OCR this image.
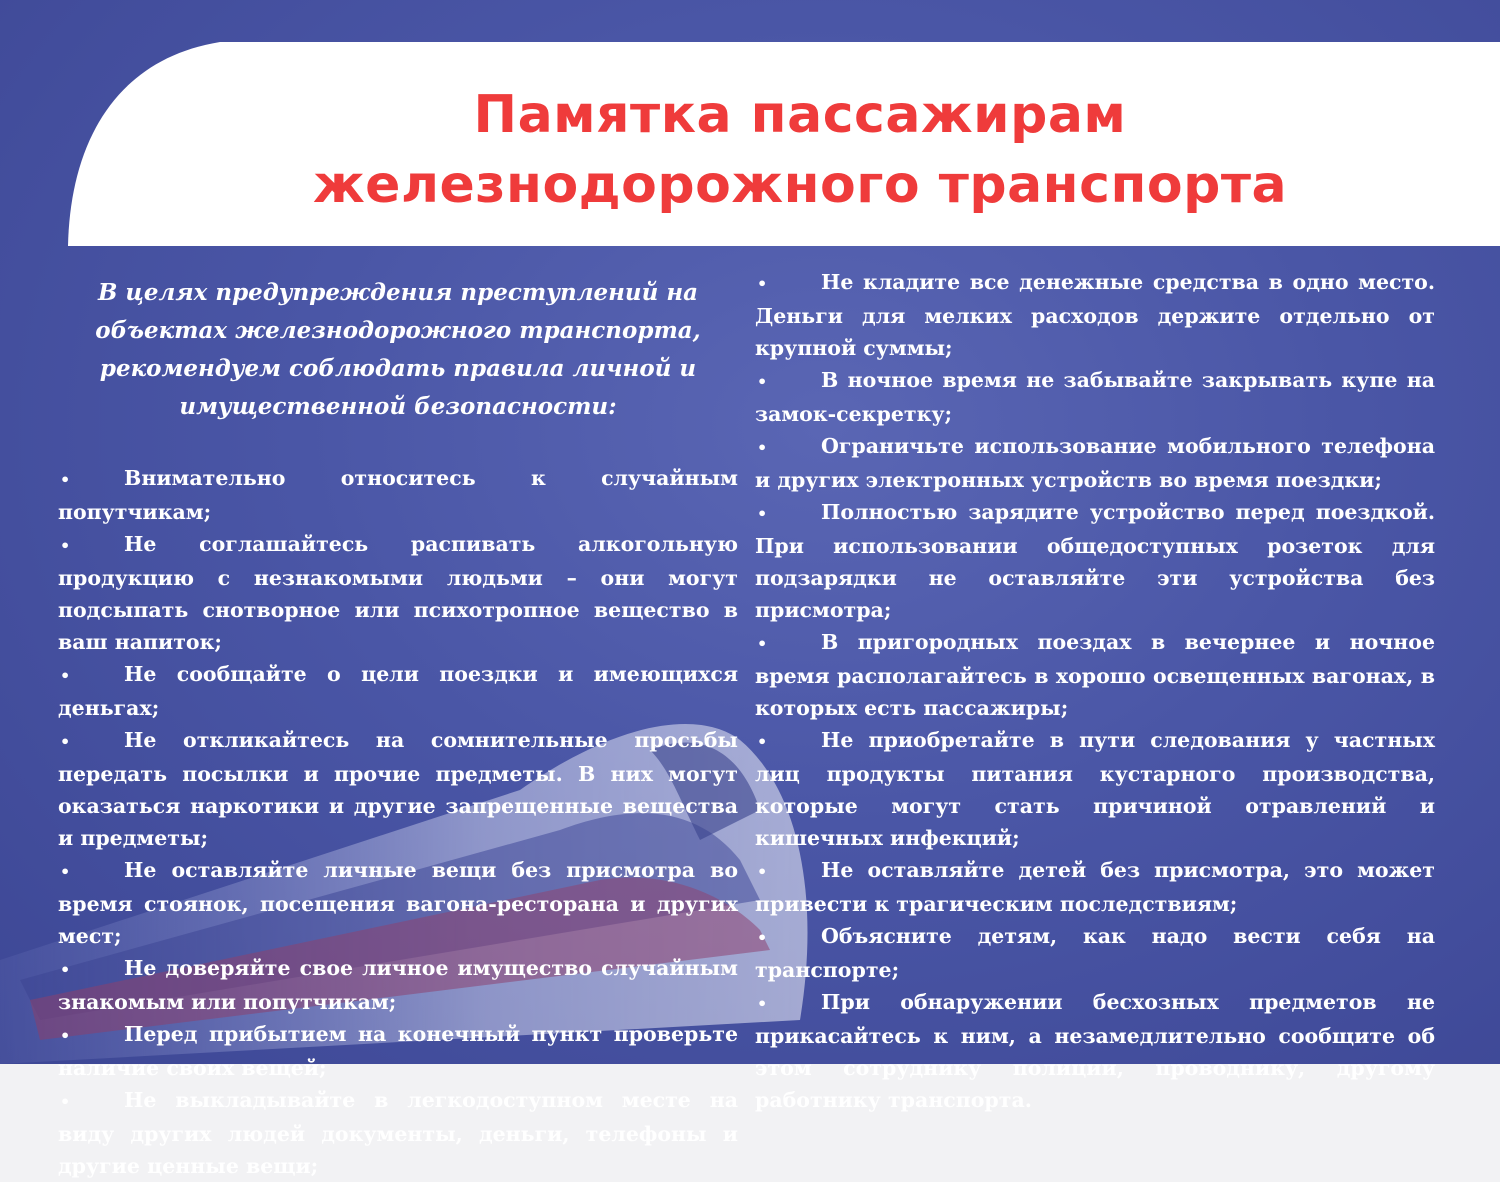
Памятка пассажирам
железнодорожного транспорта

В целях предупреждения преступлений на объектах железнодорожного транспорта, рекомендуем соблюдать правила личной и имущественной безопасности:

•Внимательно относитесь к случайным попутчикам;
•Не соглашайтесь распивать алкогольную продукцию с незнакомыми людьми – они могут подсыпать снотворное или психотропное вещество в ваш напиток;
•Не сообщайте о цели поездки и имеющихся деньгах;
•Не откликайтесь на сомнительные просьбы передать посылки и прочие предметы. В них могут оказаться наркотики и другие запрещенные вещества и предметы;
•Не оставляйте личные вещи без присмотра во время стоянок, посещения вагона-ресторана и других мест;
•Не доверяйте свое личное имущество случайным знакомым или попутчикам;
•Перед прибытием на конечный пункт проверьте наличие своих вещей;
•Не выкладывайте в легкодоступном месте на виду других людей документы, деньги, телефоны и другие ценные вещи;
•Не кладите все денежные средства в одно место. Деньги для мелких расходов держите отдельно от крупной суммы;
•В ночное время не забывайте закрывать купе на замок-секретку;
•Ограничьте использование мобильного телефона и других электронных устройств во время поездки;
•Полностью зарядите устройство перед поездкой. При использовании общедоступных розеток для подзарядки не оставляйте эти устройства без присмотра;
•В пригородных поездах в вечернее и ночное время располагайтесь в хорошо освещенных вагонах, в которых есть пассажиры;
•Не приобретайте в пути следования у частных лиц продукты питания кустарного производства, которые могут стать причиной отравлений и кишечных инфекций;
•Не оставляйте детей без присмотра, это может привести к трагическим последствиям;
•Объясните детям, как надо вести себя на транспорте;
•При обнаружении бесхозных предметов не прикасайтесь к ним, а незамедлительно сообщите об этом сотруднику полиции, проводнику, другому работнику транспорта.
